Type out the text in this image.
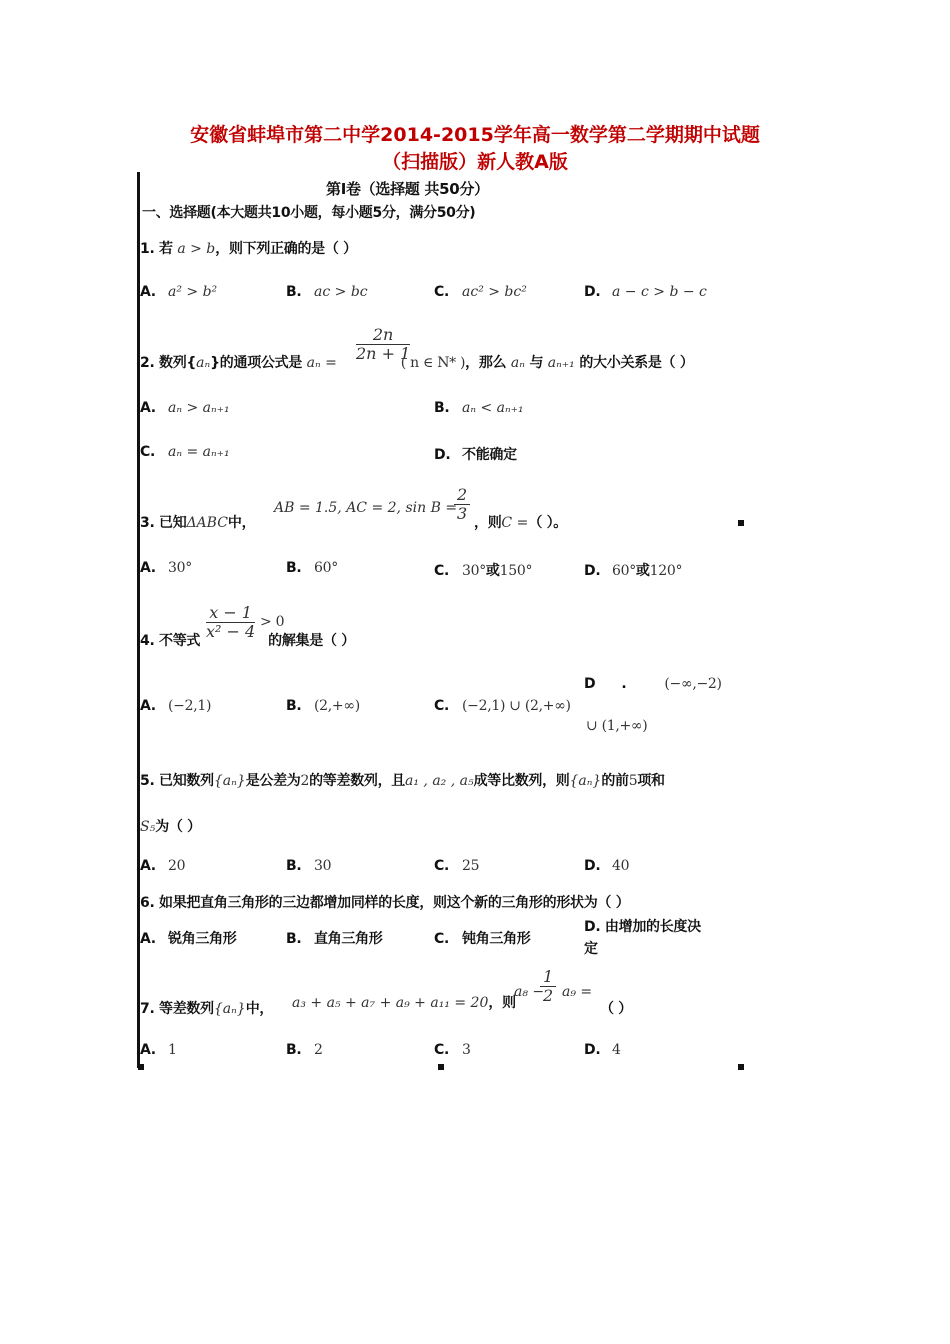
安徽省蚌埠市第二中学2014-2015学年高一数学第二学期期中试题
（扫描版）新人教A版
第Ⅰ卷（选择题 共50分）
一、选择题(本大题共10小题，每小题5分，满分50分)
1. 若 a > b，则下列正确的是（ ）
A. a² > b²	B. ac > bc	C. ac² > bc²	D. a − c > b − c
$\frac{2n}{2n + 1}$
2. 数列{aₙ}的通项公式是 aₙ =	( n ∈ N* )，那么 aₙ 与 aₙ₊₁ 的大小关系是（ ）
A. aₙ > aₙ₊₁	B. aₙ < aₙ₊₁
C. aₙ = aₙ₊₁	D. 不能确定
3. 已知ΔABC中，
AB = 1.5, AC = 2, sin B =
$\frac{2}{3}$ ，则C =（ ）。
A. 30°	B. 60°	C. 30°或150°	D. 60°或120°
$\frac{x - 1}{\text{x² − 4}} > 0$
4. 不等式	的解集是（ ）
A. (−2,1)	B. (2,+∞)	C. (−2,1) ∪ (2,+∞)
D .	(−∞,−2)
∪ (1,+∞)
5. 已知数列{aₙ}是公差为2的等差数列，且a₁ , a₂ , a₅成等比数列，则{aₙ}的前5项和
S₅为（ ）
A. 20	B. 30	C. 25	D. 40
6. 如果把直角三角形的三边都增加同样的长度，则这个新的三角形的形状为（ ）
A. 锐角三角形	B. 直角三角形	C. 钝角三角形
D. 由增加的长度决
定
7. 等差数列{aₙ}中， a₃ + a₅ + a₇ + a₉ + a₁₁ = 20，则
a₈ −
$\frac{1}{2} a_9$ =
（ ）
A. 1	B. 2	C. 3	D. 4
